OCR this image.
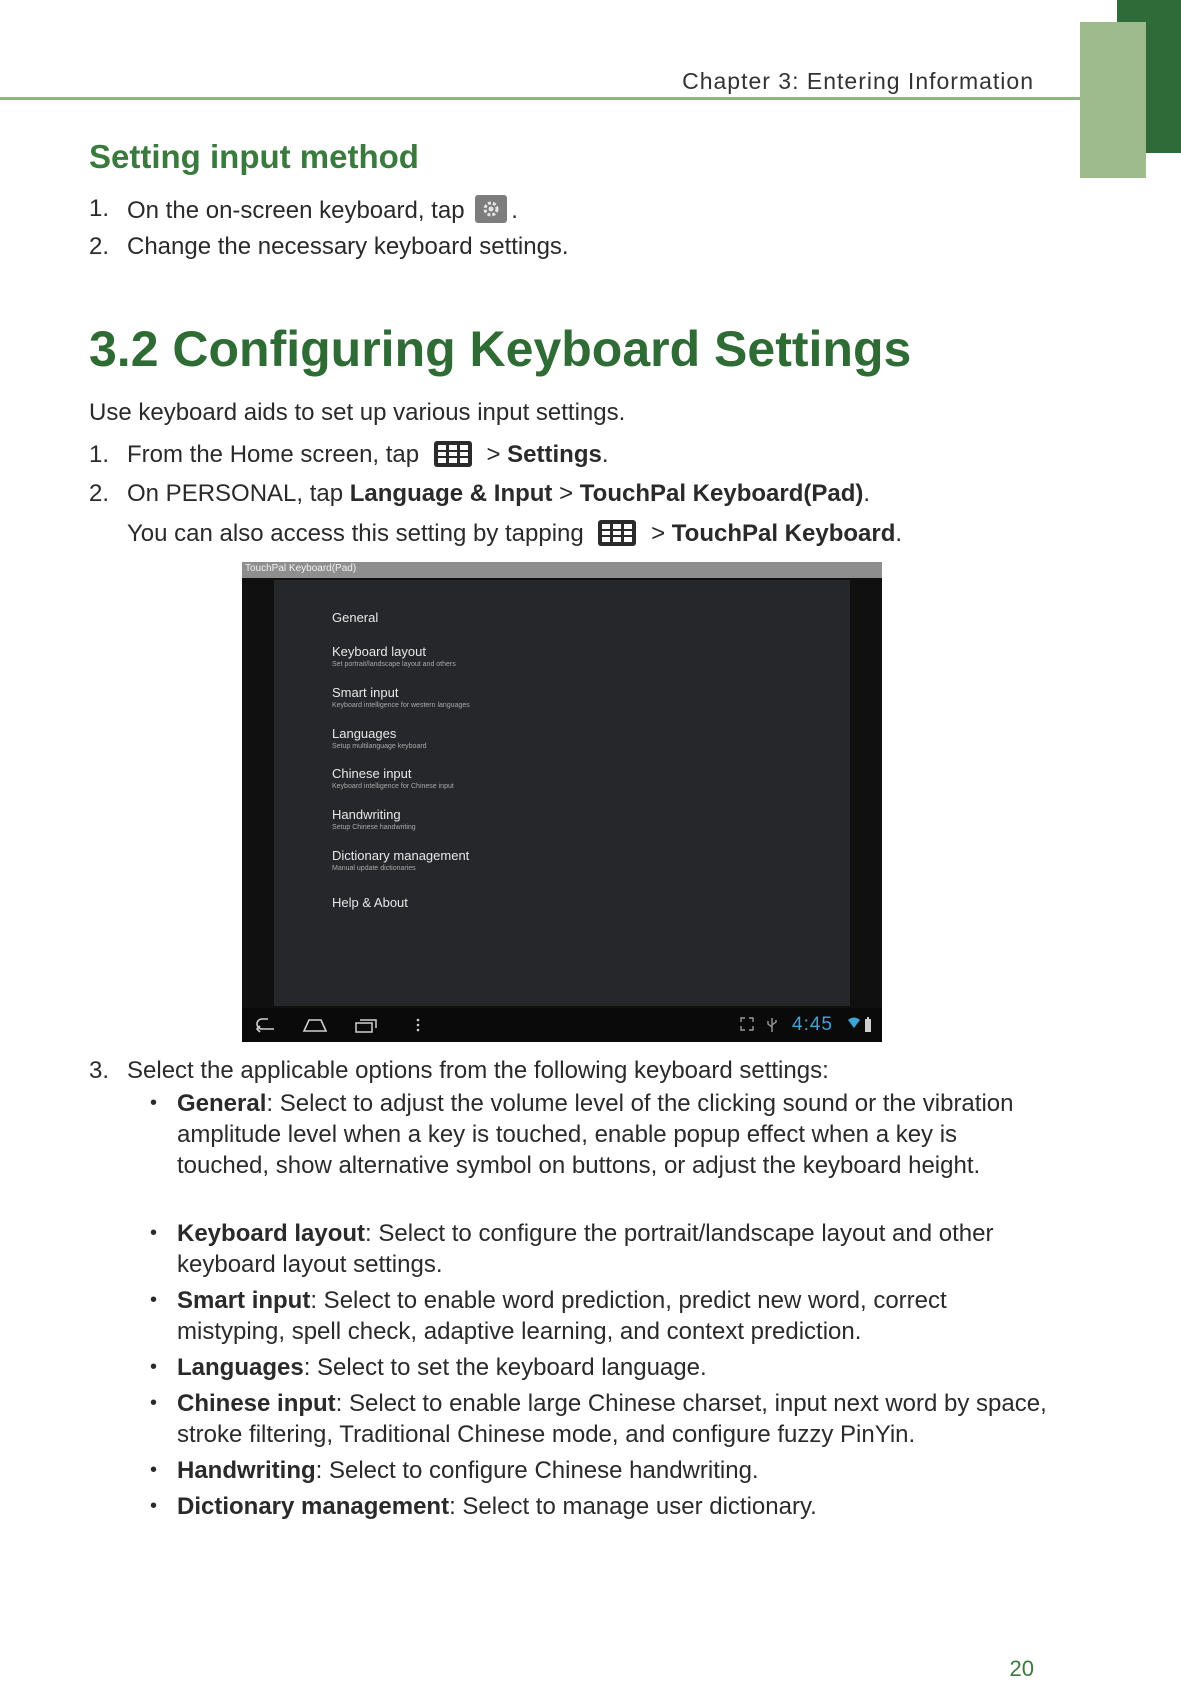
Chapter 3: Entering Information
Setting input method
1. On the on-screen keyboard, tap .
2. Change the necessary keyboard settings.
3.2 Configuring Keyboard Settings
Use keyboard aids to set up various input settings.
1. From the Home screen, tap	> Settings.
2. On PERSONAL, tap Language & Input > TouchPal Keyboard(Pad).
You can also access this setting by tapping	> TouchPal Keyboard.
TouchPal Keyboard(Pad)
General
Keyboard layout
Set portrait/landscape layout and others
Smart input
Keyboard intelligence for western languages
Languages
Setup multilanguage keyboard
Chinese input
Keyboard intelligence for Chinese input
Handwriting
Setup Chinese handwriting
Dictionary management
Manual update dictionaries
Help & About
4:45
3. Select the applicable options from the following keyboard settings:
• General: Select to adjust the volume level of the clicking sound or the vibration amplitude level when a key is touched, enable popup effect when a key is touched, show alternative symbol on buttons, or adjust the keyboard height.
• Keyboard layout: Select to configure the portrait/landscape layout and other keyboard layout settings.
• Smart input: Select to enable word prediction, predict new word, correct mistyping, spell check, adaptive learning, and context prediction.
• Languages: Select to set the keyboard language.
• Chinese input: Select to enable large Chinese charset, input next word by space, stroke filtering, Traditional Chinese mode, and configure fuzzy PinYin.
• Handwriting: Select to configure Chinese handwriting.
• Dictionary management: Select to manage user dictionary.
20
